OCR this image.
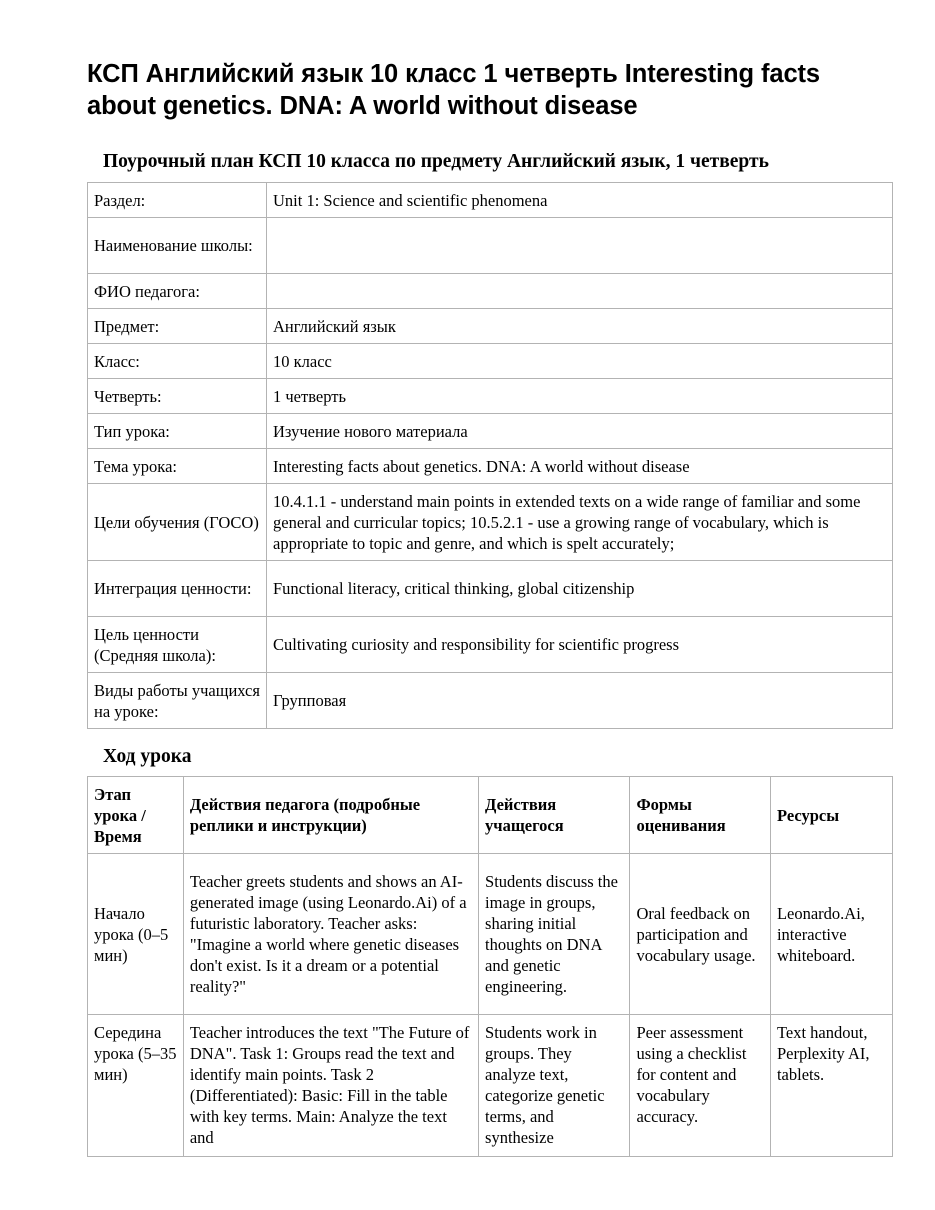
КСП Английский язык 10 класс 1 четверть Interesting facts about genetics. DNA: A world without disease
Поурочный план КСП 10 класса по предмету Английский язык, 1 четверть
Раздел:	Unit 1: Science and scientific phenomena
Наименование школы:	
ФИО педагога:	
Предмет:	Английский язык
Класс:	10 класс
Четверть:	1 четверть
Тип урока:	Изучение нового материала
Тема урока:	Interesting facts about genetics. DNA: A world without disease
Цели обучения (ГОСО)	10.4.1.1 - understand main points in extended texts on a wide range of familiar and some general and curricular topics; 10.5.2.1 - use a growing range of vocabulary, which is appropriate to topic and genre, and which is spelt accurately;
Интеграция ценности:	Functional literacy, critical thinking, global citizenship
Цель ценности (Средняя школа):	Cultivating curiosity and responsibility for scientific progress
Виды работы учащихся на уроке:	Групповая
Ход урока
Этап урока / Время	Действия педагога (подробные реплики и инструкции)	Действия учащегося	Формы оценивания	Ресурсы
Начало урока (0–5 мин)	Teacher greets students and shows an AI-generated image (using Leonardo.Ai) of a futuristic laboratory. Teacher asks: "Imagine a world where genetic diseases don't exist. Is it a dream or a potential reality?"	Students discuss the image in groups, sharing initial thoughts on DNA and genetic engineering.	Oral feedback on participation and vocabulary usage.	Leonardo.Ai, interactive whiteboard.
Середина урока (5–35 мин)	Teacher introduces the text "The Future of DNA". Task 1: Groups read the text and identify main points. Task 2 (Differentiated): Basic: Fill in the table with key terms. Main: Analyze the text and	Students work in groups. They analyze text, categorize genetic terms, and synthesize	Peer assessment using a checklist for content and vocabulary accuracy.	Text handout, Perplexity AI, tablets.
